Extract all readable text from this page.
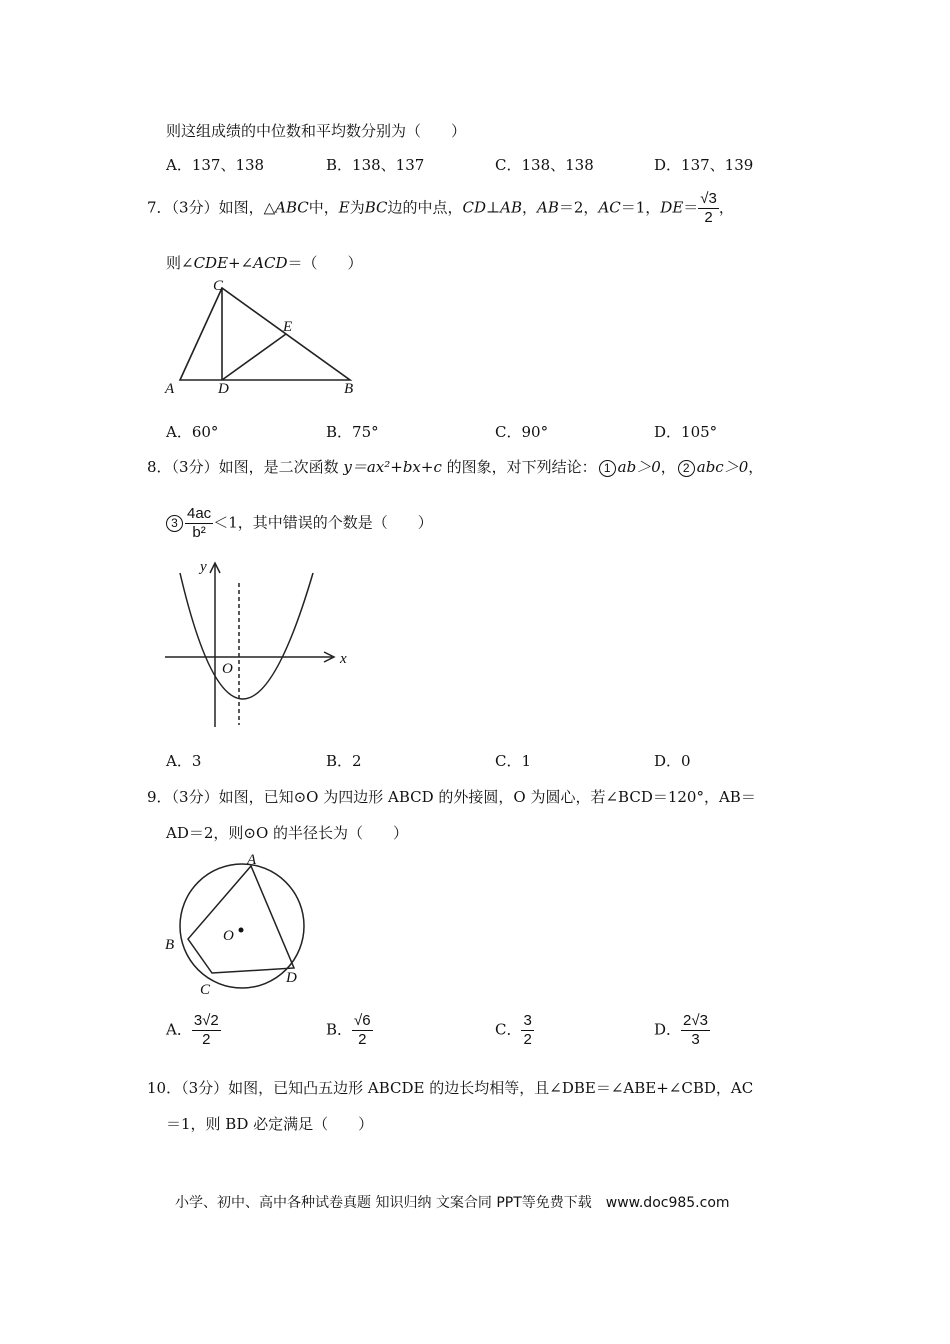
则这组成绩的中位数和平均数分别为（　　）
A．137、138	B．138、137	C．138、138	D．137、139
7．（3分）如图，△ABC中，E为BC边的中点，CD⊥AB，AB＝2，AC＝1，$DE= \frac{√3}{2}$ ，
则∠CDE+∠ACD＝（　　）
C
E
A	D	B
A．60°	B．75°	C．90°	D．105°
8．（3分）如图，是二次函数 y＝ax²+bx+c 的图象，对下列结论： 1 ab＞0， 2 abc＞0，
$3 \frac{4ac}{\text{b²}} <1$，其中错误的个数是（　　）
y
x
O
A．3	B．2	C．1	D．0
9．（3分）如图，已知⊙O 为四边形 ABCD 的外接圆，O 为圆心，若∠BCD＝120°，AB＝
AD＝2，则⊙O 的半径长为（　　）
A
B
C
D
O
A． $\frac{3√2}{2}$	B． $\frac{√6}{2}$	C． $\frac{3}{2}$	D． $\frac{2√3}{3}$
10．（3分）如图，已知凸五边形 ABCDE 的边长均相等，且∠DBE＝∠ABE+∠CBD，AC
＝1，则 BD 必定满足（　　）
小学、初中、高中各种试卷真题 知识归纳 文案合同 PPT等免费下载　www.doc985.com
